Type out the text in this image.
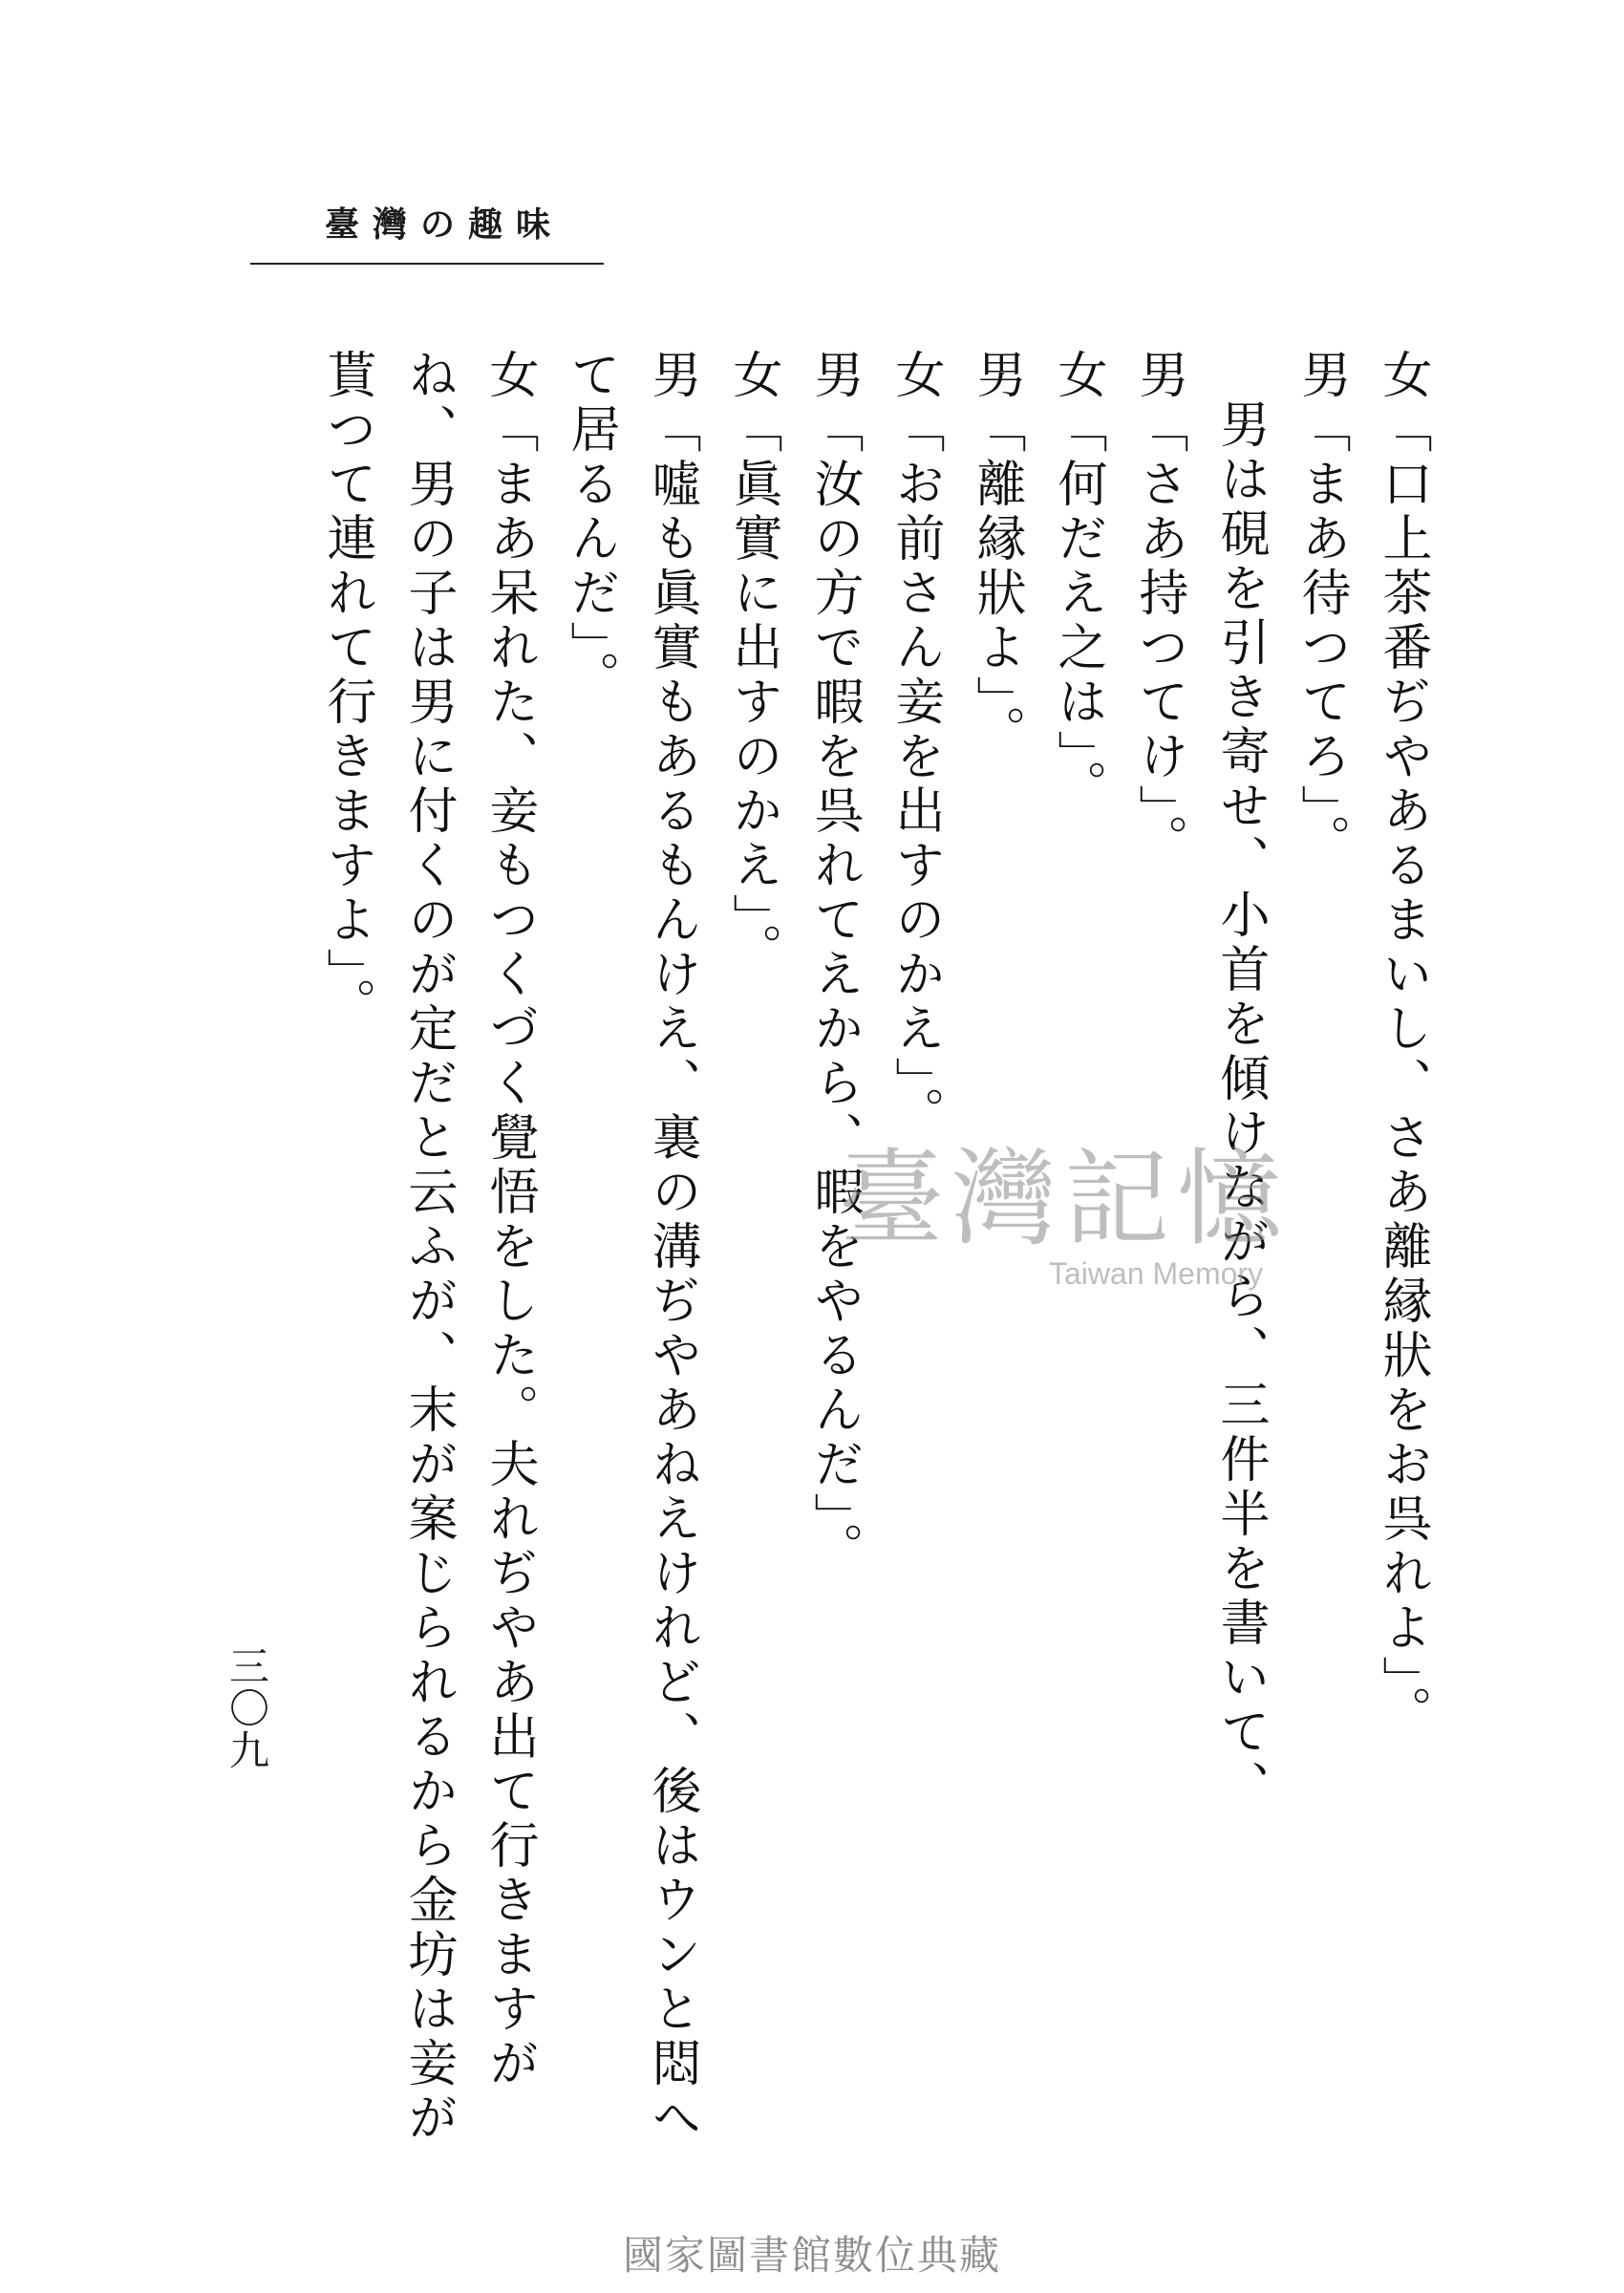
臺灣の趣味

女「口上茶番ぢやあるまいし、さあ離縁狀をお呉れよ」。

男「まあ待つてろ」。

男は硯を引き寄せ、小首を傾けながら、三件半を書いて、

男「さあ持つてけ」。

女「何だえ之は」。

男「離縁狀よ」。

女「お前さん妾を出すのかえ」。

男「汝の方で暇を呉れてえから、暇をやるんだ」。

女「眞實に出すのかえ」。

男「噓も眞實もあるもんけえ、裏の溝ぢやあねえけれど、後はウンと悶へて居るんだ」。

女「まあ呆れた、妾もつくづく覺悟をした。夫れぢやあ出て行きますがね、男の子は男に付くのが定だと云ふが、末が案じられるから金坊は妾が貰つて連れて行きますよ」。

三〇九
臺灣記憶
Taiwan Memory
國家圖書館數位典藏
